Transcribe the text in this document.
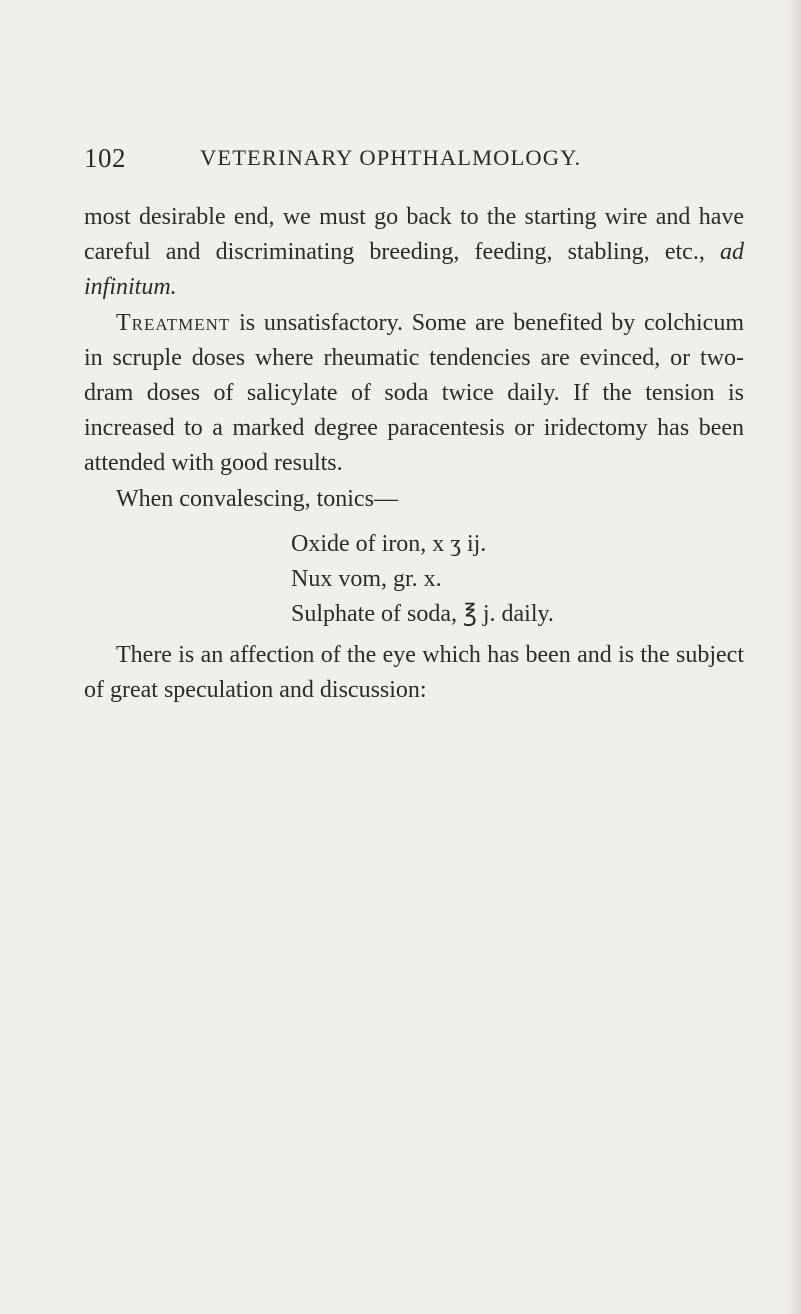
102	VETERINARY OPHTHALMOLOGY.

most desirable end, we must go back to the starting wire and have careful and discriminating breeding, feeding, stabling, etc., ad infinitum.

Treatment is unsatisfactory. Some are benefited by colchicum in scruple doses where rheumatic tendencies are evinced, or two-dram doses of salicylate of soda twice daily. If the tension is increased to a marked degree paracentesis or iridectomy has been attended with good results.

When convalescing, tonics—

Oxide of iron, x ʒ ij.
Nux vom, gr. x.
Sulphate of soda, ℥ j. daily.

There is an affection of the eye which has been and is the subject of great speculation and discussion:
